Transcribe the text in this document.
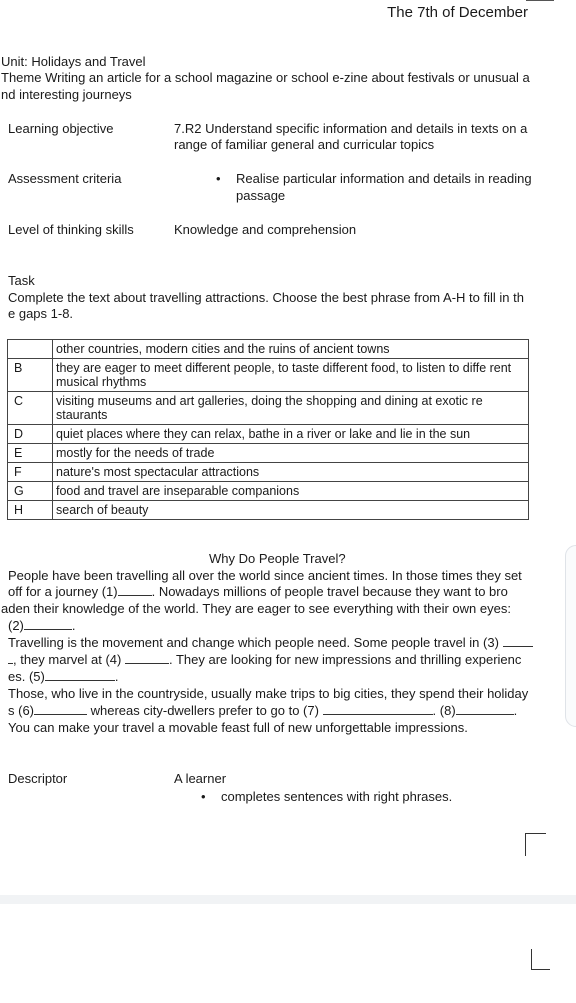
The 7th of December
Unit: Holidays and Travel
Theme Writing an article for a school magazine or school e-zine about festivals or unusual a
nd interesting journeys
Learning objective	7.R2 Understand specific information and details in texts on a
range of familiar general and curricular topics
Assessment criteria	• Realise particular information and details in reading
passage
Level of thinking skills	Knowledge and comprehension
Task
Complete the text about travelling attractions. Choose the best phrase from A-H to fill in th
e gaps 1-8.
	other countries, modern cities and the ruins of ancient towns
B	they are eager to meet different people, to taste different food, to listen to diffe rent musical rhythms
C	visiting museums and art galleries, doing the shopping and dining at exotic re staurants
D	quiet places where they can relax, bathe in a river or lake and lie in the sun
E	mostly for the needs of trade
F	nature's most spectacular attractions
G	food and travel are inseparable companions
H	search of beauty
Why Do People Travel?
People have been travelling all over the world since ancient times. In those times they set
off for a journey (1)	. Nowadays millions of people travel because they want to bro
aden their knowledge of the world. They are eager to see everything with their own eyes:
(2)	.
Travelling is the movement and change which people need. Some people travel in (3)
, they marvel at (4)	. They are looking for new impressions and thrilling experienc
es. (5)	.
Those, who live in the countryside, usually make trips to big cities, they spend their holiday
s (6)	whereas city-dwellers prefer to go to (7)	. (8)	.
You can make your travel a movable feast full of new unforgettable impressions.
Descriptor	A learner
• completes sentences with right phrases.
